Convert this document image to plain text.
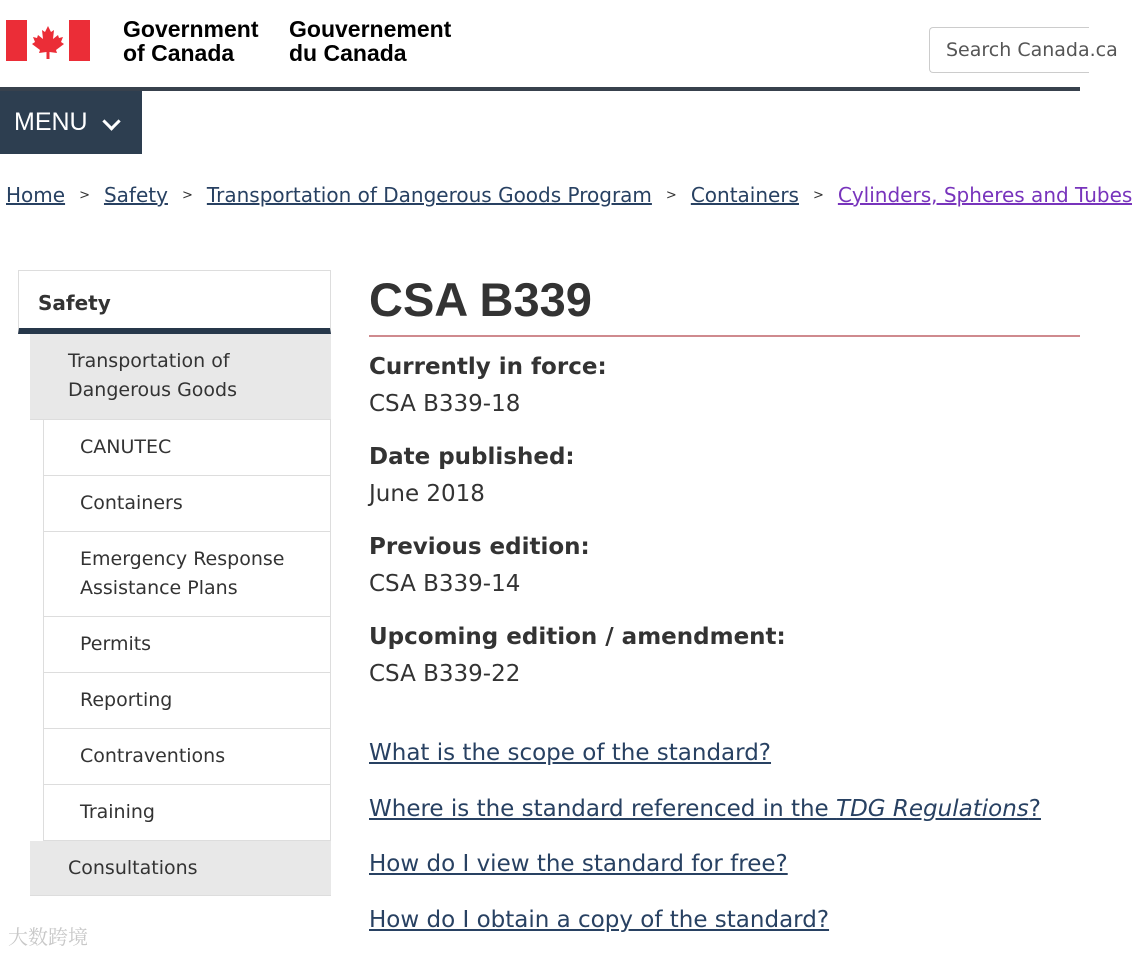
Government
of Canada
Gouvernement
du Canada	Search Canada.ca
MENU
Home > Safety > Transportation of Dangerous Goods Program > Containers > Cylinders, Spheres and Tubes
Safety
Transportation of Dangerous Goods
CANUTEC
Containers
Emergency Response Assistance Plans
Permits
Reporting
Contraventions
Training
Consultations
CSA B339
Currently in force:
CSA B339-18
Date published:
June 2018
Previous edition:
CSA B339-14
Upcoming edition / amendment:
CSA B339-22
What is the scope of the standard?
Where is the standard referenced in the TDG Regulations?
How do I view the standard for free?
How do I obtain a copy of the standard?
大数跨境
